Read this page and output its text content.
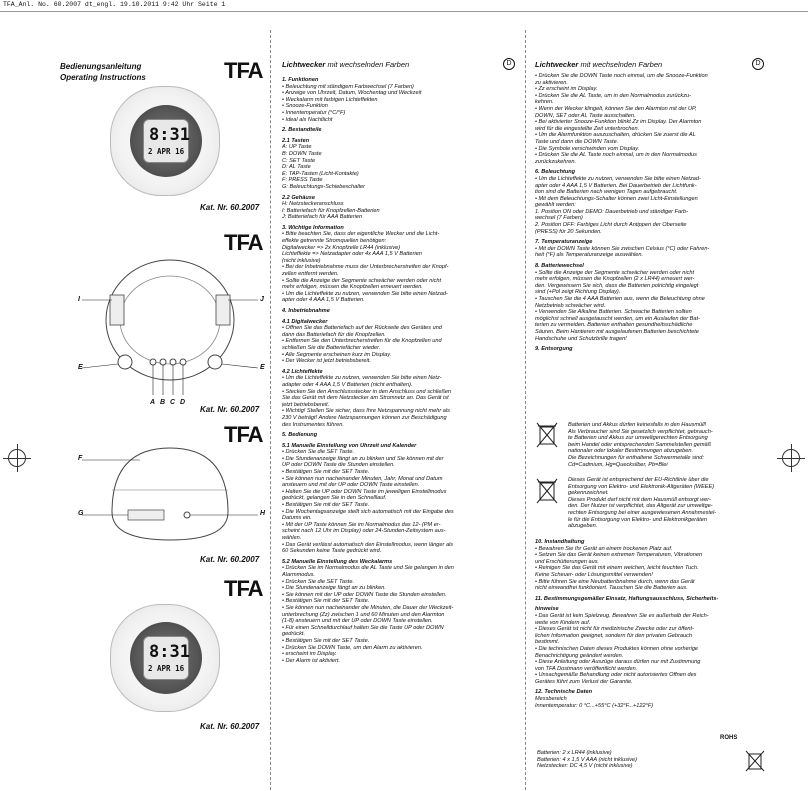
TFA_Anl. No. 60.2007 dt_engl. 19.10.2011 9:42 Uhr Seite 1
Bedienungsanleitung
Operating Instructions	TFA
8:31
2 APR 16
Kat. Nr. 60.2007
TFA
I	J
E	E
A B C D
Kat. Nr. 60.2007
TFA
F
G	H
Kat. Nr. 60.2007
TFA
8:31
2 APR 16
Kat. Nr. 60.2007
Lichtwecker mit wechselnden Farben	D
1. Funktionen
• Beleuchtung mit ständigem Farbwechsel (7 Farben)
• Anzeige von Uhrzeit, Datum, Wochentag und Weckzeit
• Weckalarm mit farbigen Lichteffekten
• Snooze-Funktion
• Innentemperatur (°C/°F)
• Ideal als Nachtlicht
2. Bestandteile
2.1 Tasten
A: UP Taste
B: DOWN Taste
C: SET Taste
D: AL Taste
E: TAP-Tasten (Licht-Kontakte)
F: PRESS Taste
G: Beleuchtungs-Schiebeschalter
2.2 Gehäuse
H: Netzsteckeranschluss
I: Batteriefach für Knopfzellen-Batterien
J: Batteriefach für AAA Batterien
3. Wichtige Information
• Bitte beachten Sie, dass der eigentliche Wecker und die Licht-
effekte getrennte Stromquellen benötigen:
Digitalwecker => 2x Knopfzelle LR44 (inklusive)
Lichteffekte => Netzadapter oder 4x AAA 1,5 V Batterien
(nicht inklusive)
• Bei der Inbetriebnahme muss der Unterbrecherstreifen der Knopf-
zellen entfernt werden.
• Sollte die Anzeige der Segmente schwächer werden oder nicht
mehr erfolgen, müssen die Knopfzellen erneuert werden.
• Um die Lichteffekte zu nutzen, verwenden Sie bitte einen Netzad-
apter oder 4 AAA 1,5 V Batterien.
4. Inbetriebnahme
4.1 Digitalwecker
• Öffnen Sie das Batteriefach auf der Rückseite des Gerätes und
dann das Batteriefach für die Knopfzellen.
• Entfernen Sie den Unterbrecherstreifen für die Knopfzellen und
schließen Sie die Batteriefächer wieder.
• Alle Segmente erscheinen kurz im Display.
• Der Wecker ist jetzt betriebsbereit.
4.2 Lichteffekte
• Um die Lichteffekte zu nutzen, verwenden Sie bitte einen Netz-
adapter oder 4 AAA 1,5 V Batterien (nicht enthalten).
• Stecken Sie den Anschlussstecker in den Anschluss und schließen
Sie das Gerät mit dem Netzstecker am Stromnetz an. Das Gerät ist
jetzt betriebsbereit.
• Wichtig! Stellen Sie sicher, dass Ihre Netzspannung nicht mehr als
230 V beträgt! Andere Netzspannungen können zur Beschädigung
des Instrumentes führen.
5. Bedienung
5.1 Manuelle Einstellung von Uhrzeit und Kalender
• Drücken Sie die SET Taste.
• Die Stundenanzeige fängt an zu blinken und Sie können mit der
UP oder DOWN Taste die Stunden einstellen.
• Bestätigen Sie mit der SET Taste.
• Sie können nun nacheinander Minuten, Jahr, Monat und Datum
ansteuern und mit der UP oder DOWN Taste einstellen.
• Halten Sie die UP oder DOWN Taste im jeweiligen Einstellmodus
gedrückt, gelangen Sie in den Schnelllauf.
• Bestätigen Sie mit der SET Taste.
• Die Wochentagsanzeige stellt sich automatisch mit der Eingabe des
Datums ein.
• Mit der UP Taste können Sie im Normalmodus das 12- (PM er-
scheint nach 12 Uhr im Display) oder 24-Stunden-Zeitsystem aus-
wählen.
• Das Gerät verlässt automatisch den Einstellmodus, wenn länger als
60 Sekunden keine Taste gedrückt wird.
5.2 Manuelle Einstellung des Weckalarms
• Drücken Sie im Normalmodus die AL Taste und Sie gelangen in den
Alarmmodus.
• Drücken Sie die SET Taste.
• Die Stundenanzeige fängt an zu blinken.
• Sie können mit der UP oder DOWN Taste die Stunden einstellen.
• Bestätigen Sie mit der SET Taste.
• Sie können nun nacheinander die Minuten, die Dauer der Weckzeit-
unterbrechung (Zz) zwischen 1 und 60 Minuten und den Alarmton
(1-8) ansteuern und mit der UP oder DOWN Taste einstellen.
• Für einen Schnelldurchlauf halten Sie die Taste UP oder DOWN
gedrückt.
• Bestätigen Sie mit der SET Taste.
• Drücken Sie DOWN Taste, um den Alarm zu aktivieren.
• erscheint im Display.
• Der Alarm ist aktiviert.
Lichtwecker mit wechselnden Farben	D
• Drücken Sie die DOWN Taste noch einmal, um die Snooze-Funktion
zu aktivieren.
• Zz erscheint im Display.
• Drücken Sie die AL Taste, um in den Normalmodus zurückzu-
kehren.
• Wenn der Wecker klingelt, können Sie den Alarmton mit der UP,
DOWN, SET oder AL Taste ausschalten.
• Bei aktivierter Snooze-Funktion blinkt Zz im Display. Der Alarmton
wird für die eingestellte Zeit unterbrochen.
• Um die Alarmfunktion auszuschalten, drücken Sie zuerst die AL
Taste und dann die DOWN Taste.
• Die Symbole verschwinden vom Display.
• Drücken Sie die AL Taste noch einmal, um in den Normalmodus
zurückzukehren.
6. Beleuchtung
• Um die Lichteffekte zu nutzen, verwenden Sie bitte einen Netzad-
apter oder 4 AAA 1,5 V Batterien. Bei Dauerbetrieb der Lichtfunk-
tion sind die Batterien nach wenigen Tagen aufgebraucht.
• Mit dem Beleuchtungs-Schalter können zwei Licht-Einstellungen
gewählt werden:
1. Position ON oder DEMO: Dauerbetrieb und ständiger Farb-
wechsel (7 Farben)
2. Position OFF: Farbiges Licht durch Antippen der Oberseite
(PRESS) für 20 Sekunden.
7. Temperaturanzeige
• Mit der DOWN Taste können Sie zwischen Celsius (°C) oder Fahren-
heit (°F) als Temperaturanzeige auswählen.
8. Batteriewechsel
• Sollte die Anzeige der Segmente schwächer werden oder nicht
mehr erfolgen, müssen die Knopfzellen (2 x LR44) erneuert wer-
den. Vergewissern Sie sich, dass die Batterien polrichtig eingelegt
sind (+Pol zeigt Richtung Display).
• Tauschen Sie die 4 AAA Batterien aus, wenn die Beleuchtung ohne
Netzbetrieb schwächer wird.
• Verwenden Sie Alkaline Batterien. Schwache Batterien sollten
möglichst schnell ausgetauscht werden, um ein Auslaufen der Bat-
terien zu vermeiden. Batterien enthalten gesundheitsschädliche
Säuren. Beim Hantieren mit ausgelaufenen Batterien beschichtete
Handschuhe und Schutzbrille tragen!
9. Entsorgung
Batterien und Akkus dürfen keinesfalls in den Hausmüll!
Als Verbraucher sind Sie gesetzlich verpflichtet, gebrauch-
te Batterien und Akkus zur umweltgerechten Entsorgung
beim Handel oder entsprechenden Sammelstellen gemäß
nationaler oder lokaler Bestimmungen abzugeben.
Die Bezeichnungen für enthaltene Schwermetalle sind:
Cd=Cadmium, Hg=Quecksilber, Pb=Blei
Dieses Gerät ist entsprechend der EU-Richtlinie über die
Entsorgung von Elektro- und Elektronik-Altgeräten (WEEE)
gekennzeichnet.
Dieses Produkt darf nicht mit dem Hausmüll entsorgt wer-
den. Der Nutzer ist verpflichtet, das Altgerät zur umweltge-
rechten Entsorgung bei einer ausgewiesenen Annahmestel-
le für die Entsorgung von Elektro- und Elektronikgeräten
abzugeben.
10. Instandhaltung
• Bewahren Sie Ihr Gerät an einem trockenen Platz auf.
• Setzen Sie das Gerät keinen extremen Temperaturen, Vibrationen
und Erschütterungen aus.
• Reinigen Sie das Gerät mit einem weichen, leicht feuchten Tuch.
Keine Scheuer- oder Lösungsmittel verwenden!
• Bitte führen Sie eine Neubatteribnahme durch, wenn das Gerät
nicht einwandfrei funktioniert. Tauschen Sie die Batterien aus.
11. Bestimmungsgemäßer Einsatz, Haftungsausschluss, Sicherheits-
hinweise
• Das Gerät ist kein Spielzeug. Bewahren Sie es außerhalb der Reich-
weite von Kindern auf.
• Dieses Gerät ist nicht für medizinische Zwecke oder zur öffent-
lichen Information geeignet, sondern für den privaten Gebrauch
bestimmt.
• Die technischen Daten dieses Produktes können ohne vorherige
Benachrichtigung geändert werden.
• Diese Anleitung oder Auszüge daraus dürfen nur mit Zustimmung
von TFA Dostmann veröffentlicht werden.
• Unsachgemäße Behandlung oder nicht autorisiertes Öffnen des
Gerätes führt zum Verlust der Garantie.
12. Technische Daten
Messbereich
Innentemperatur: 0 °C...+55°C (+32°F...+122°F)
Batterien: 2 x LR44 (inklusive)
Batterien: 4 x 1,5 V AAA (nicht inklusive)
Netzstecker: DC 4,5 V (nicht inklusive)
ROHS
